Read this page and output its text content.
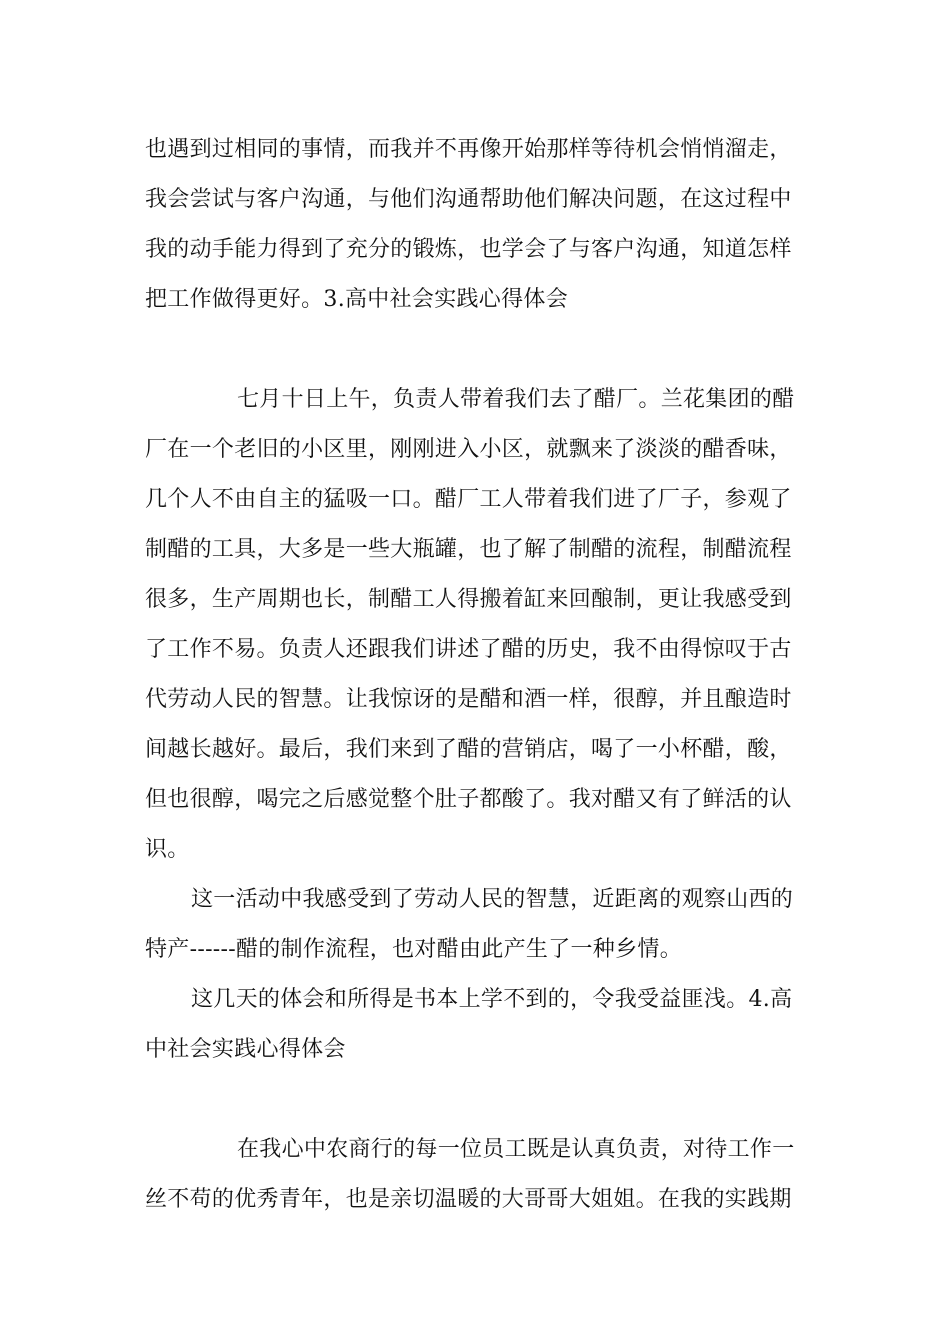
也遇到过相同的事情，而我并不再像开始那样等待机会悄悄溜走，
我会尝试与客户沟通，与他们沟通帮助他们解决问题，在这过程中
我的动手能力得到了充分的锻炼，也学会了与客户沟通，知道怎样
把工作做得更好。3.高中社会实践心得体会
七月十日上午，负责人带着我们去了醋厂。兰花集团的醋
厂在一个老旧的小区里，刚刚进入小区，就飘来了淡淡的醋香味，
几个人不由自主的猛吸一口。醋厂工人带着我们进了厂子，参观了
制醋的工具，大多是一些大瓶罐，也了解了制醋的流程，制醋流程
很多，生产周期也长，制醋工人得搬着缸来回酿制，更让我感受到
了工作不易。负责人还跟我们讲述了醋的历史，我不由得惊叹于古
代劳动人民的智慧。让我惊讶的是醋和酒一样，很醇，并且酿造时
间越长越好。最后，我们来到了醋的营销店，喝了一小杯醋，酸，
但也很醇，喝完之后感觉整个肚子都酸了。我对醋又有了鲜活的认
识。
这一活动中我感受到了劳动人民的智慧，近距离的观察山西的
特产------醋的制作流程，也对醋由此产生了一种乡情。
这几天的体会和所得是书本上学不到的，令我受益匪浅。4.高
中社会实践心得体会
在我心中农商行的每一位员工既是认真负责，对待工作一
丝不苟的优秀青年，也是亲切温暖的大哥哥大姐姐。在我的实践期
